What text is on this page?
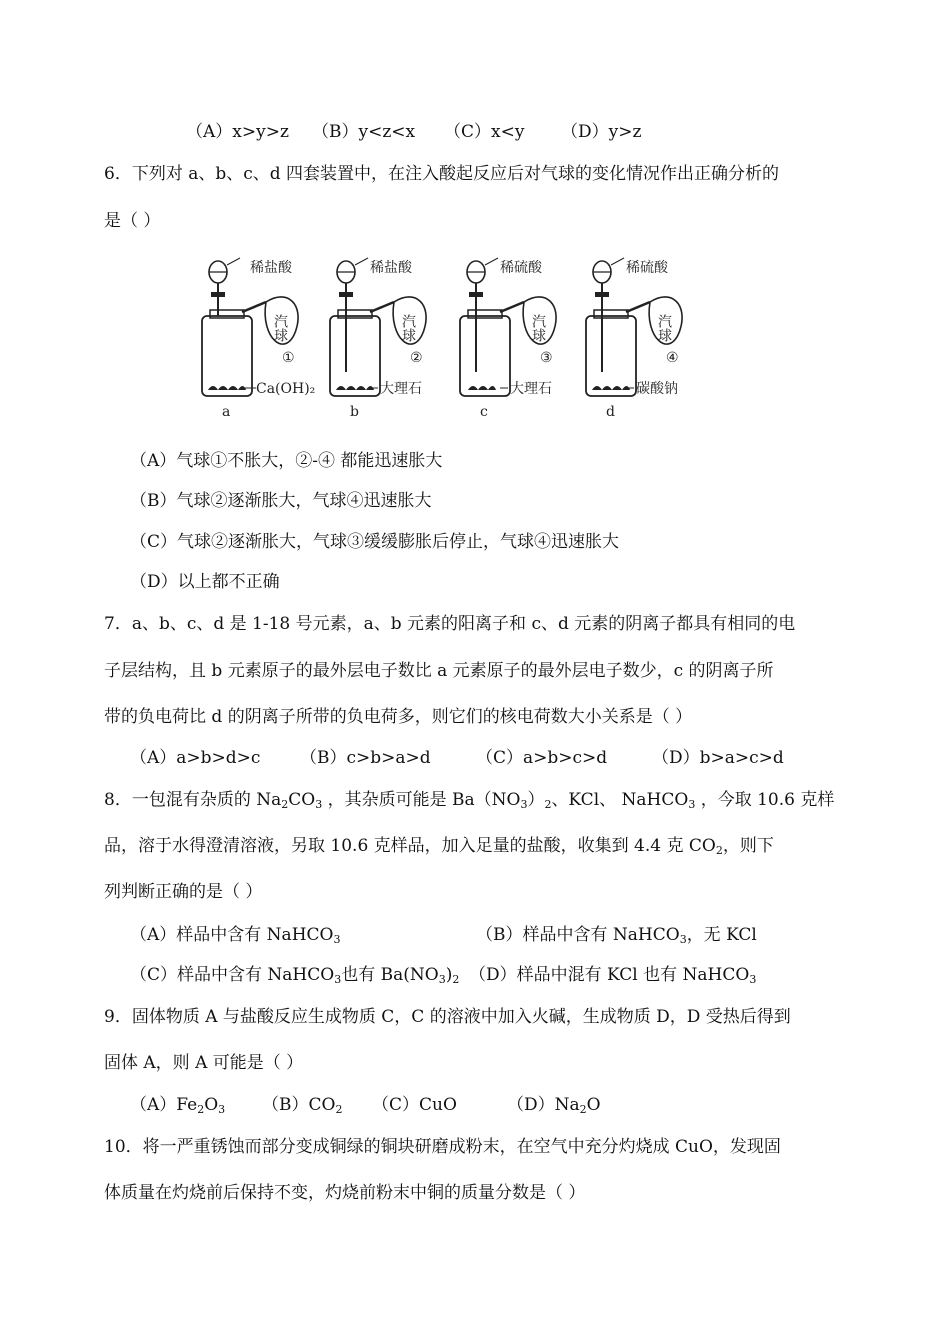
（A）x>y>z （B）y<z<x （C）x<y （D）y>z
6．下列对 a、b、c、d 四套装置中，在注入酸起反应后对气球的变化情况作出正确分析的
是（ ）
稀盐酸
汽球
①
Ca(OH)₂
a
稀盐酸
汽球
②
大理石
b
稀硫酸
汽球
③
大理石
c
稀硫酸
汽球
④
碳酸钠
d
（A）气球①不胀大，②-④ 都能迅速胀大
（B）气球②逐渐胀大，气球④迅速胀大
（C）气球②逐渐胀大，气球③缓缓膨胀后停止，气球④迅速胀大
（D）以上都不正确
7．a、b、c、d 是 1-18 号元素，a、b 元素的阳离子和 c、d 元素的阴离子都具有相同的电
子层结构，且 b 元素原子的最外层电子数比 a 元素原子的最外层电子数少，c 的阴离子所
带的负电荷比 d 的阴离子所带的负电荷多，则它们的核电荷数大小关系是（ ）
（A）a>b>d>c （B）c>b>a>d	（C）a>b>c>d	（D）b>a>c>d
8．一包混有杂质的 $Na_2CO_3$ ，其杂质可能是 $Ba(NO_3)_2$、KCl、 NaHCO$_3$ ，今取 10.6 克样
品，溶于水得澄清溶液，另取 10.6 克样品，加入足量的盐酸，收集到 4.4 克 $CO_2$，则下
列判断正确的是（ ）
（A）样品中含有 NaHCO$_3$	（B）样品中含有 NaHCO$_3$，无 KCl
（C）样品中含有 NaHCO$_3$也有 $Ba(NO_3)_2$ （D）样品中混有 KCl 也有 NaHCO$_3$
9．固体物质 A 与盐酸反应生成物质 C，C 的溶液中加入火碱，生成物质 D，D 受热后得到
固体 A，则 A 可能是（ ）
$(A)Fe_2O_3$ $(B)CO_2$ （C）CuO	$(D)Na_2O$
10．将一严重锈蚀而部分变成铜绿的铜块研磨成粉末，在空气中充分灼烧成 CuO，发现固
体质量在灼烧前后保持不变，灼烧前粉末中铜的质量分数是（ ）
